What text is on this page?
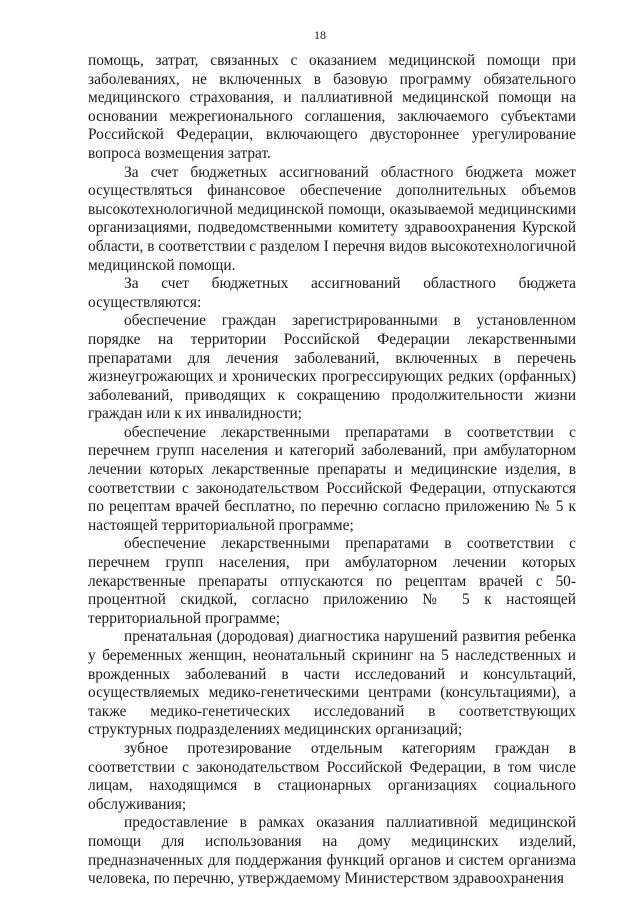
18

помощь, затрат, связанных с оказанием медицинской помощи при заболеваниях, не включенных в базовую программу обязательного медицинского страхования, и паллиативной медицинской помощи на основании межрегионального соглашения, заключаемого субъектами Российской Федерации, включающего двустороннее урегулирование вопроса возмещения затрат.

За счет бюджетных ассигнований областного бюджета может осуществляться финансовое обеспечение дополнительных объемов высокотехнологичной медицинской помощи, оказываемой медицинскими организациями, подведомственными комитету здравоохранения Курской области, в соответствии с разделом I перечня видов высокотехнологичной медицинской помощи.

За счет бюджетных ассигнований областного бюджета осуществляются:

обеспечение граждан зарегистрированными в установленном порядке на территории Российской Федерации лекарственными препаратами для лечения заболеваний, включенных в перечень жизнеугрожающих и хронических прогрессирующих редких (орфанных) заболеваний, приводящих к сокращению продолжительности жизни граждан или к их инвалидности;

обеспечение лекарственными препаратами в соответствии с перечнем групп населения и категорий заболеваний, при амбулаторном лечении которых лекарственные препараты и медицинские изделия, в соответствии с законодательством Российской Федерации, отпускаются по рецептам врачей бесплатно, по перечню согласно приложению № 5 к настоящей территориальной программе;

обеспечение лекарственными препаратами в соответствии с перечнем групп населения, при амбулаторном лечении которых лекарственные препараты отпускаются по рецептам врачей с 50-процентной скидкой, согласно приложению № 5 к настоящей территориальной программе;

пренатальная (дородовая) диагностика нарушений развития ребенка у беременных женщин, неонатальный скрининг на 5 наследственных и врожденных заболеваний в части исследований и консультаций, осуществляемых медико-генетическими центрами (консультациями), а также медико-генетических исследований в соответствующих структурных подразделениях медицинских организаций;

зубное протезирование отдельным категориям граждан в соответствии с законодательством Российской Федерации, в том числе лицам, находящимся в стационарных организациях социального обслуживания;

предоставление в рамках оказания паллиативной медицинской помощи для использования на дому медицинских изделий, предназначенных для поддержания функций органов и систем организма человека, по перечню, утверждаемому Министерством здравоохранения
